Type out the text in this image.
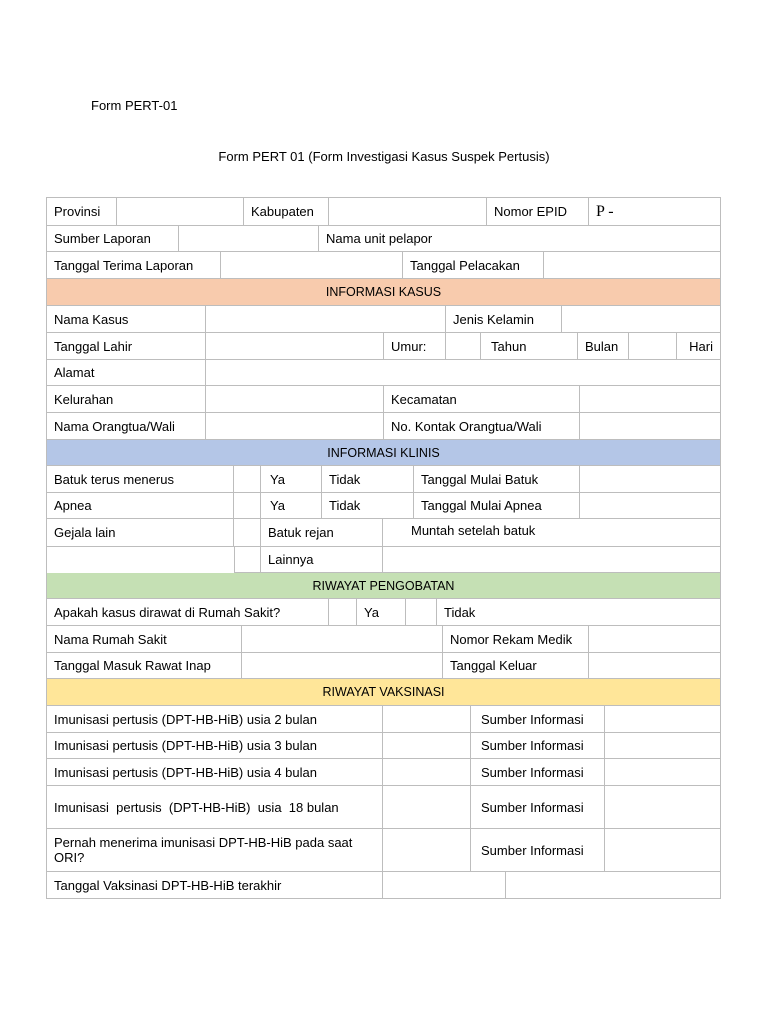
Form PERT-01
Form PERT 01 (Form Investigasi Kasus Suspek Pertusis)
Provinsi	Kabupaten	Nomor EPID	P -
Sumber Laporan	Nama unit pelapor
Tanggal Terima Laporan	Tanggal Pelacakan
INFORMASI KASUS
Nama Kasus	Jenis Kelamin
Tanggal Lahir	Umur:	Tahun	Bulan	Hari
Alamat
Kelurahan	Kecamatan
Nama Orangtua/Wali	No. Kontak Orangtua/Wali
INFORMASI KLINIS
Batuk terus menerus	Ya	Tidak	Tanggal Mulai Batuk
Apnea	Ya	Tidak	Tanggal Mulai Apnea
Gejala lain	Batuk rejan	Muntah setelah batuk
Lainnya
RIWAYAT PENGOBATAN
Apakah kasus dirawat di Rumah Sakit?	Ya	Tidak
Nama Rumah Sakit	Nomor Rekam Medik
Tanggal Masuk Rawat Inap	Tanggal Keluar
RIWAYAT VAKSINASI
Imunisasi pertusis (DPT-HB-HiB) usia 2 bulan	Sumber Informasi
Imunisasi pertusis (DPT-HB-HiB) usia 3 bulan	Sumber Informasi
Imunisasi pertusis (DPT-HB-HiB) usia 4 bulan	Sumber Informasi
Imunisasi  pertusis  (DPT-HB-HiB)  usia  18 bulan	Sumber Informasi
Pernah menerima imunisasi DPT-HB-HiB pada saat ORI?	Sumber Informasi
Tanggal Vaksinasi DPT-HB-HiB terakhir
